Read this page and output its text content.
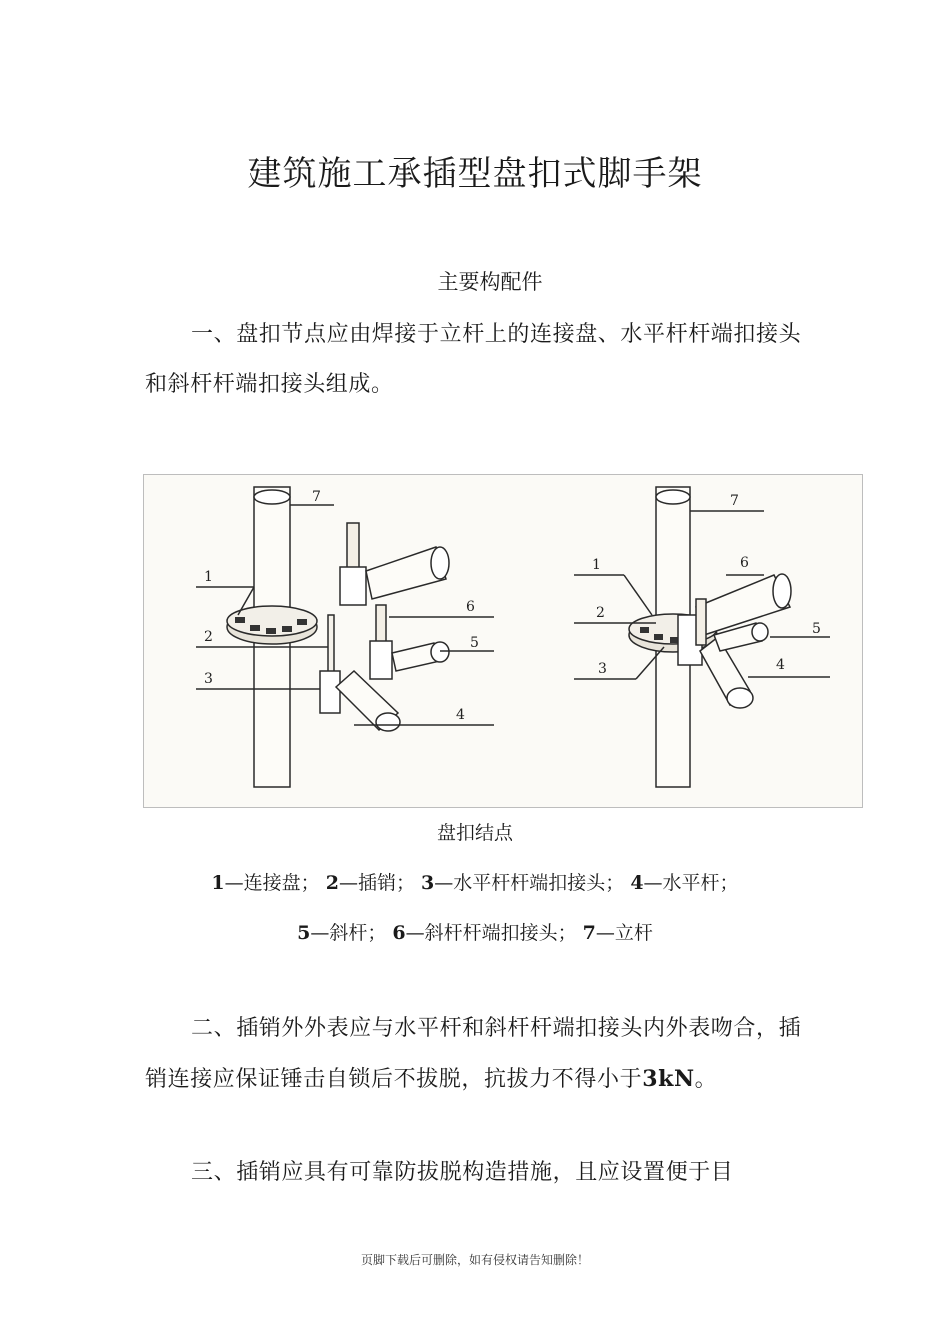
建筑施工承插型盘扣式脚手架
主要构配件
一、盘扣节点应由焊接于立杆上的连接盘、水平杆杆端扣接头和斜杆杆端扣接头组成。
1
2
3
4
5
6
7
1
2
3	4
5
6
7
盘扣结点
1—连接盘； 2—插销； 3—水平杆杆端扣接头； 4—水平杆；
5—斜杆； 6—斜杆杆端扣接头； 7—立杆
二、插销外外表应与水平杆和斜杆杆端扣接头内外表吻合，插销连接应保证锤击自锁后不拔脱，抗拔力不得小于3kN。
三、插销应具有可靠防拔脱构造措施，且应设置便于目
页脚下载后可删除，如有侵权请告知删除！
